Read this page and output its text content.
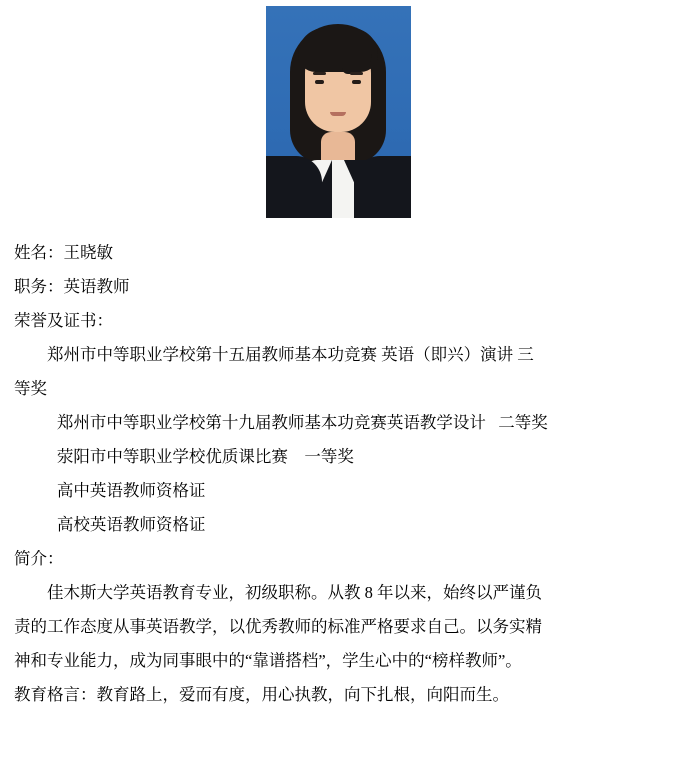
姓名：王晓敏
职务：英语教师
荣誉及证书：
郑州市中等职业学校第十五届教师基本功竞赛 英语（即兴）演讲 三
等奖
郑州市中等职业学校第十九届教师基本功竞赛英语教学设计   二等奖
荥阳市中等职业学校优质课比赛    一等奖
高中英语教师资格证
高校英语教师资格证
简介：
佳木斯大学英语教育专业，初级职称。从教 8 年以来，始终以严谨负
责的工作态度从事英语教学，以优秀教师的标准严格要求自己。以务实精
神和专业能力，成为同事眼中的“靠谱搭档”，学生心中的“榜样教师”。
教育格言：教育路上，爱而有度，用心执教，向下扎根，向阳而生。
